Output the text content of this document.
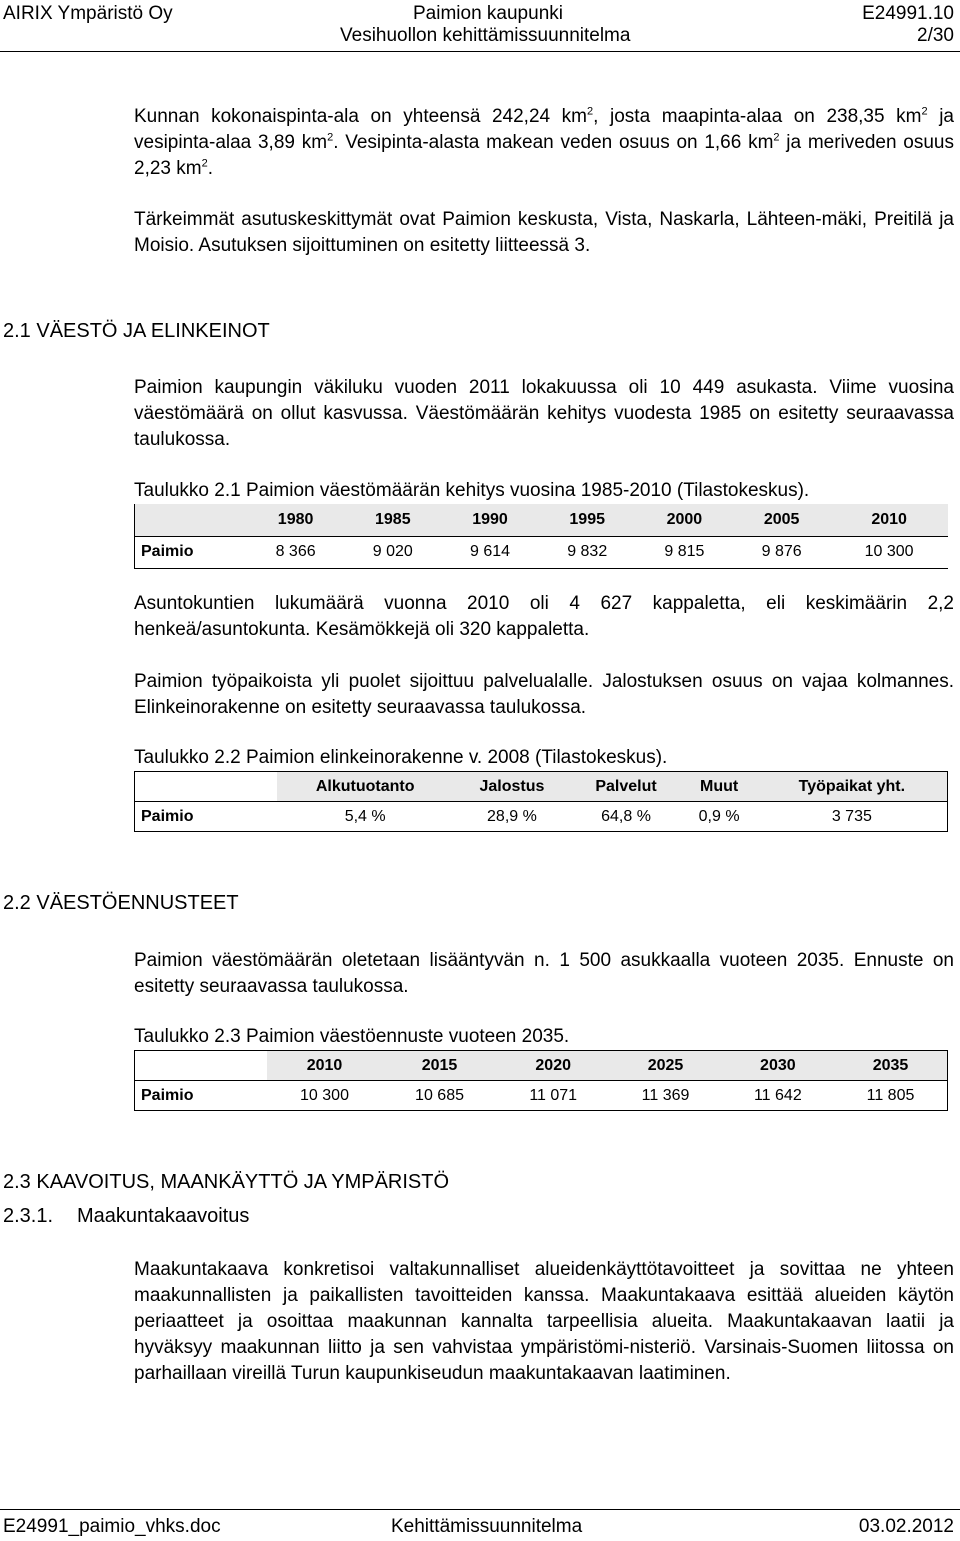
AIRIX Ympäristö Oy	Paimion kaupunki	E24991.10
Vesihuollon kehittämissuunnitelma	2/30
Kunnan kokonaispinta-ala on yhteensä 242,24 $km^2$, josta maapinta-alaa on 238,35 $km^2$ ja vesipinta-alaa 3,89 $km^2$. Vesipinta-alasta makean veden osuus on 1,66 $km^2$ ja meriveden osuus 2,23 $km^2$.
Tärkeimmät asutuskeskittymät ovat Paimion keskusta, Vista, Naskarla, Lähteen-mäki, Preitilä ja Moisio. Asutuksen sijoittuminen on esitetty liitteessä 3.
2.1 VÄESTÖ JA ELINKEINOT
Paimion kaupungin väkiluku vuoden 2011 lokakuussa oli 10 449 asukasta. Viime vuosina väestömäärä on ollut kasvussa. Väestömäärän kehitys vuodesta 1985 on esitetty seuraavassa taulukossa.
Taulukko 2.1 Paimion väestömäärän kehitys vuosina 1985-2010 (Tilastokeskus).
	1980	1985	1990	1995	2000	2005	2010
Paimio	8 366	9 020	9 614	9 832	9 815	9 876	10 300
Asuntokuntien lukumäärä vuonna 2010 oli 4 627 kappaletta, eli keskimäärin 2,2 henkeä/asuntokunta. Kesämökkejä oli 320 kappaletta.
Paimion työpaikoista yli puolet sijoittuu palvelualalle. Jalostuksen osuus on vajaa kolmannes. Elinkeinorakenne on esitetty seuraavassa taulukossa.
Taulukko 2.2 Paimion elinkeinorakenne v. 2008 (Tilastokeskus).
	Alkutuotanto	Jalostus	Palvelut	Muut	Työpaikat yht.
Paimio	5,4 %	28,9 %	64,8 %	0,9 %	3 735
2.2 VÄESTÖENNUSTEET
Paimion väestömäärän oletetaan lisääntyvän n. 1 500 asukkaalla vuoteen 2035. Ennuste on esitetty seuraavassa taulukossa.
Taulukko 2.3 Paimion väestöennuste vuoteen 2035.
	2010	2015	2020	2025	2030	2035
Paimio	10 300	10 685	11 071	11 369	11 642	11 805
2.3 KAAVOITUS, MAANKÄYTTÖ JA YMPÄRISTÖ
2.3.1. Maakuntakaavoitus
Maakuntakaava konkretisoi valtakunnalliset alueidenkäyttötavoitteet ja sovittaa ne yhteen maakunnallisten ja paikallisten tavoitteiden kanssa. Maakuntakaava esittää alueiden käytön periaatteet ja osoittaa maakunnan kannalta tarpeellisia alueita. Maakuntakaavan laatii ja hyväksyy maakunnan liitto ja sen vahvistaa ympäristömi-nisteriö. Varsinais-Suomen liitossa on parhaillaan vireillä Turun kaupunkiseudun maakuntakaavan laatiminen.
E24991_paimio_vhks.doc	Kehittämissuunnitelma	03.02.2012
